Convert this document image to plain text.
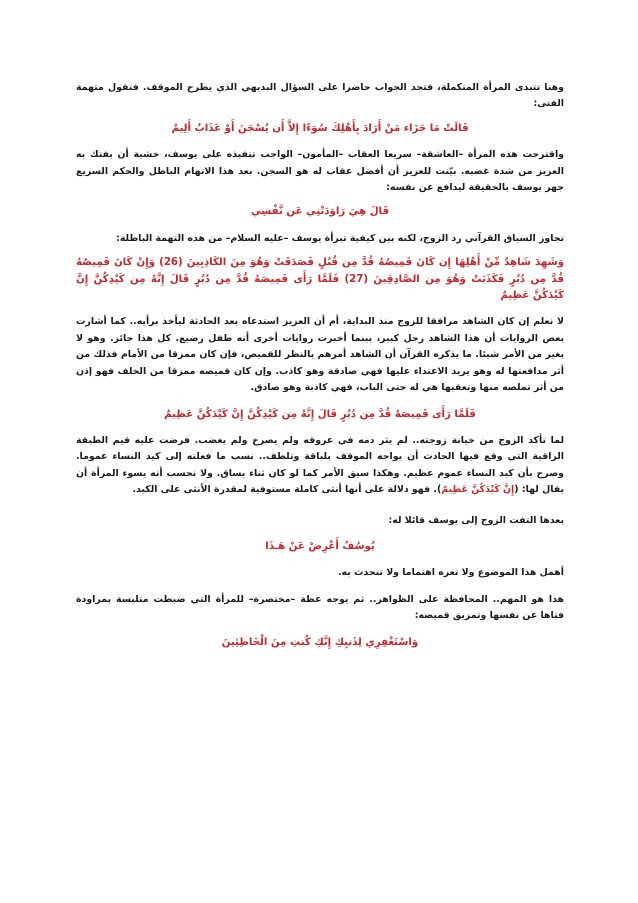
وهنا تتبدى المرأة المتكملة، فتجد الجواب حاضرا على السؤال البديهي الذي يطرح الموقف. فتقول متهمة الفتى:

قَالَتْ مَا جَزَاء مَنْ أَرَادَ بِأَهْلِكَ سُوَءًا إِلاَّ أَن يُسْجَنَ أَوْ عَذَابٌ أَلِيمٌ

واقترحت هذه المرأة –العاشقة– سريعا العقاب –المأمون– الواجب تنفيذه على يوسف، خشية أن يفتك به العزيز من شدة غضبه. بيّنت للعزيز أن أفضل عقاب له هو السجن. بعد هذا الاتهام الباطل والحكم السريع جهر يوسف بالحقيقة ليدافع عن نفسه:

قَالَ هِيَ رَاوَدَتْنِي عَن نَّفْسِي

تجاوز السياق القرآني رد الزوج، لكنه بين كيفية تبرأة يوسف –عليه السلام– من هذه التهمة الباطلة:

وَشَهِدَ شَاهِدٌ مِّنْ أَهْلِهَا إِن كَانَ قَمِيصُهُ قُدَّ مِن قُبُلٍ فَصَدَقَتْ وَهُوَ مِنَ الكَاذِبِينَ (26) وَإِنْ كَانَ قَمِيصُهُ قُدَّ مِن دُبُرٍ فَكَذَبَتْ وَهُوَ مِن الصَّادِقِينَ (27) فَلَمَّا رَأَى قَمِيصَهُ قُدَّ مِن دُبُرٍ قَالَ إِنَّهُ مِن كَيْدِكُنَّ إِنَّ كَيْدَكُنَّ عَظِيمٌ

لا نعلم إن كان الشاهد مرافقا للزوج منذ البداية، أم أن العزيز استدعاه بعد الحادثة ليأخذ برأيه.. كما أشارت بعض الروايات أن هذا الشاهد رجل كبير، بينما أخبرت روايات أخرى أنه طفل رضيع. كل هذا جائز. وهو لا يغير من الأمر شيئا. ما يذكره القرآن أن الشاهد أمرهم بالنظر للقميص، فإن كان ممزقا من الأمام فذلك من أثر مدافعتها له وهو يريد الاعتداء عليها فهي صادقة وهو كاذب. وإن كان قميصه ممزقا من الخلف فهو إذن من أثر تملصه منها وتعقبها هي له حتى الباب، فهي كاذبة وهو صادق.

فَلَمَّا رَأَى قَمِيصَهُ قُدَّ مِن دُبُرٍ قَالَ إِنَّهُ مِن كَيْدِكُنَّ إِنَّ كَيْدَكُنَّ عَظِيمٌ

لما تأكد الزوج من خيانة زوجته.. لم يثر دمه في عروقه ولم يصرخ ولم يغضب. فرضت عليه قيم الطبقة الراقية التي وقع فيها الحادث أن يواجه الموقف بلباقة وتلطف.. نسب ما فعلته إلى كيد النساء عموما. وصرح بأن كيد النساء عموم عظيم. وهكذا سيق الأمر كما لو كان ثناء يساق. ولا نحسب أنه يسوء المرأة أن يقال لها: (إِنَّ كَيْدَكُنَّ عَظِيمٌ). فهو دلالة على أنها أنثى كاملة مستوفية لمقدرة الأنثى على الكيد.

بعدها التفت الزوج إلى يوسف قائلا له:

يُوسُفُ أَعْرِضْ عَنْ هَـذَا

أهمل هذا الموضوع ولا تعره اهتماما ولا تتحدث به.

هذا هو المهم.. المحافظة على الظواهر.. ثم يوجه عظة –مختصرة– للمرأة التي ضبطت متلبسة بمراودة فتاها عن نفسها وتمزيق قميصه:

وَاسْتَغْفِرِي لِذَنبِكِ إِنَّكِ كُنتِ مِنَ الْخَاطِئِينَ
